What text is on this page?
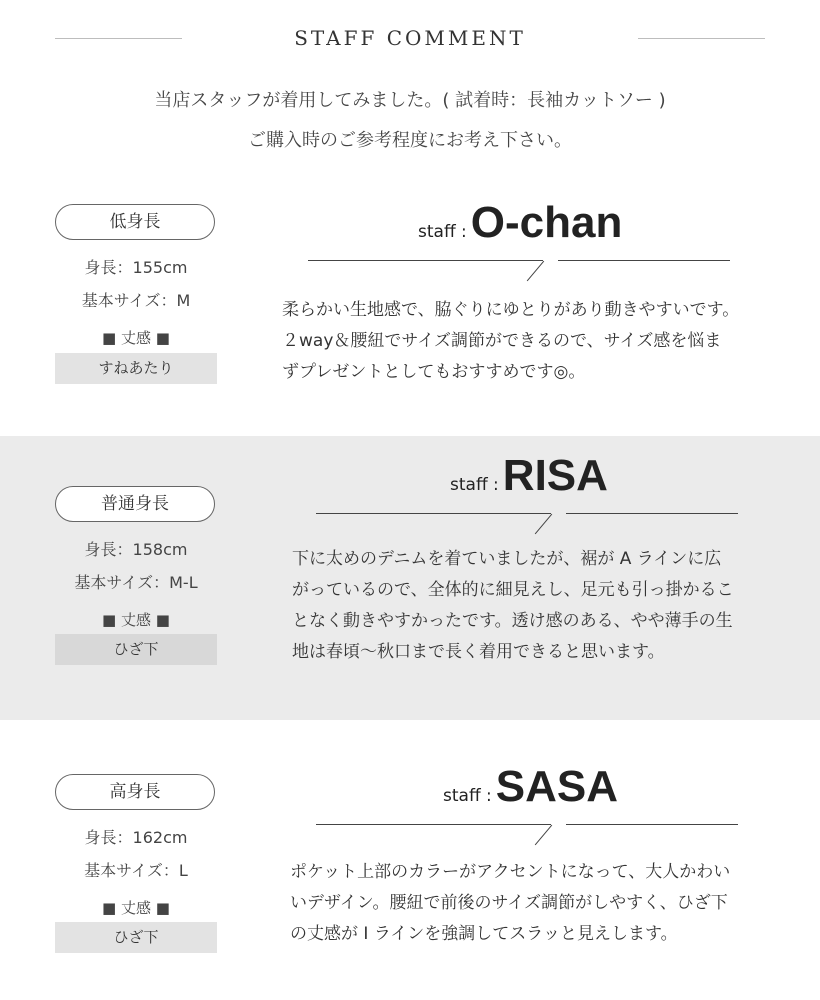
STAFF COMMENT
当店スタッフが着用してみました。( 試着時：長袖カットソー )
ご購入時のご参考程度にお考え下さい。
低身長
身長：155cm
基本サイズ：M
■ 丈感 ■
すねあたり
staff : O-chan

柔らかい生地感で、脇ぐりにゆとりがあり動きやすいです。

２way＆腰紐でサイズ調節ができるので、サイズ感を悩ま

ずプレゼントとしてもおすすめです◎。

普通身長
身長：158cm
基本サイズ：M-L
■ 丈感 ■
ひざ下
staff : RISA

下に太めのデニムを着ていましたが、裾が A ラインに広

がっているので、全体的に細見えし、足元も引っ掛かるこ

となく動きやすかったです。透け感のある、やや薄手の生

地は春頃〜秋口まで長く着用できると思います。

高身長
身長：162cm
基本サイズ：L
■ 丈感 ■
ひざ下
staff : SASA

ポケット上部のカラーがアクセントになって、大人かわい

いデザイン。腰紐で前後のサイズ調節がしやすく、ひざ下

の丈感が I ラインを強調してスラッと見えします。
